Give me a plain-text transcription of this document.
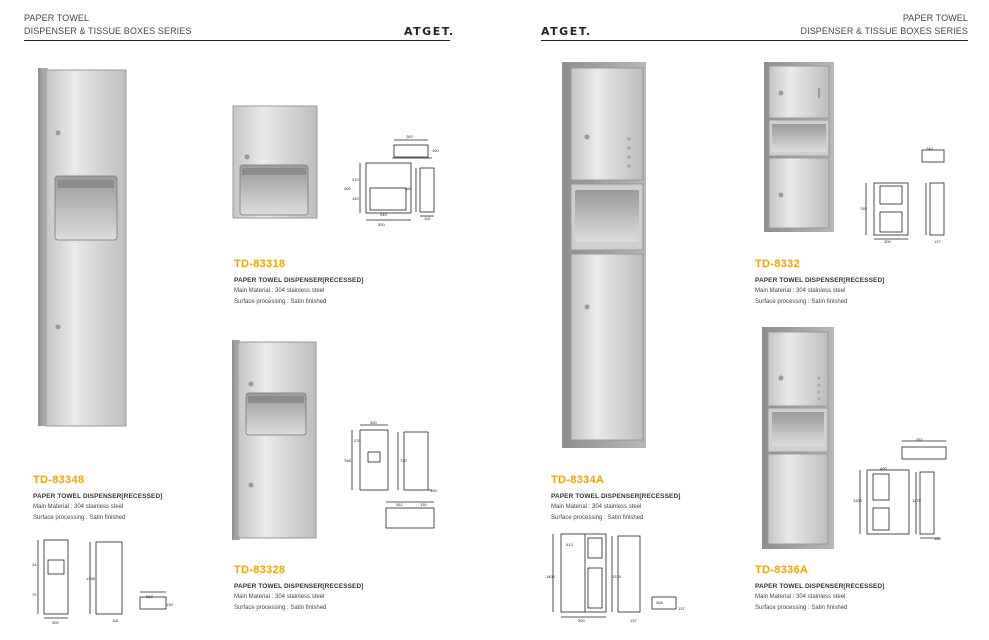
PAPER TOWEL
DISPENSER & TISSUE BOXES SERIES	ATGET.	ATGET.
PAPER TOWEL
DISPENSER & TISSUE BOXES SERIES
262
100
210
400	360
140
240
300
110
300
270
768	730
150
262	130
24
1398
70
300
262
130
116
413
1400	1370
300	137
268
137
240
765
300	137
262
490
1300	1270
160
TD-83348
PAPER TOWEL DISPENSER[RECESSED]
Main Material : 304 stainless steel
Surface processing : Satin finished
TD-83318
PAPER TOWEL DISPENSER[RECESSED]
Main Material : 304 stainless steel
Surface processing : Satin finished
TD-83328
PAPER TOWEL DISPENSER[RECESSED]
Main Material : 304 stainless steel
Surface processing : Satin finished
TD-8334A
PAPER TOWEL DISPENSER[RECESSED]
Main Material : 304 stainless steel
Surface processing : Satin finished
TD-8332
PAPER TOWEL DISPENSER[RECESSED]
Main Material : 304 stainless steel
Surface processing : Satin finished
TD-8336A
PAPER TOWEL DISPENSER[RECESSED]
Main Material : 304 stainless steel
Surface processing : Satin finished
